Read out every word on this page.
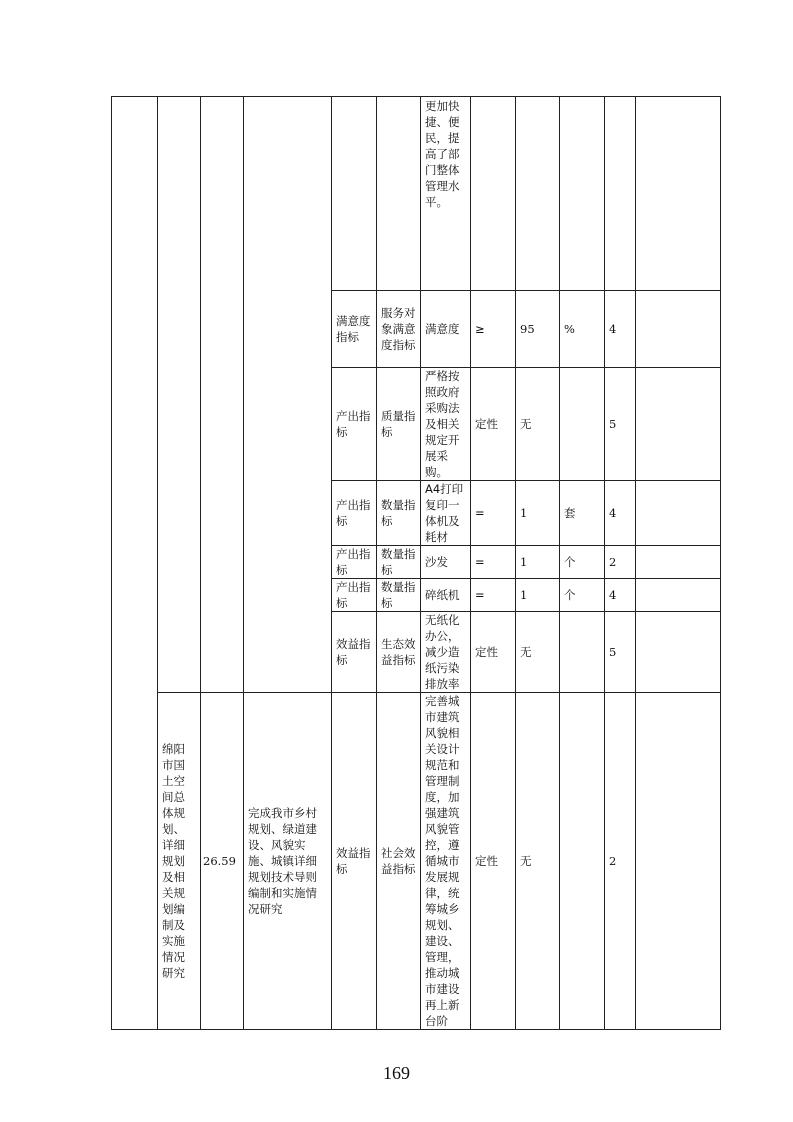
						更加快捷、便民，提高了部门整体管理水平。					
				满意度指标	服务对象满意度指标	满意度	≥	95	%	4	
				产出指标	质量指标	严格按照政府采购法及相关规定开展采购。	定性	无		5	
				产出指标	数量指标	A4打印复印一体机及耗材	=	1	套	4	
				产出指标	数量指标	沙发	=	1	个	2	
				产出指标	数量指标	碎纸机	=	1	个	4	
				效益指标	生态效益指标	无纸化办公，减少造纸污染排放率	定性	无		5	
	绵阳市国土空间总体规划、详细规划及相关规划编制及实施情况研究	26.59	完成我市乡村规划、绿道建设、风貌实施、城镇详细规划技术导则编制和实施情况研究	效益指标	社会效益指标	完善城市建筑风貌相关设计规范和管理制度，加强建筑风貌管控，遵循城市发展规律，统筹城乡规划、建设、管理，推动城市建设再上新台阶	定性	无		2	
169
